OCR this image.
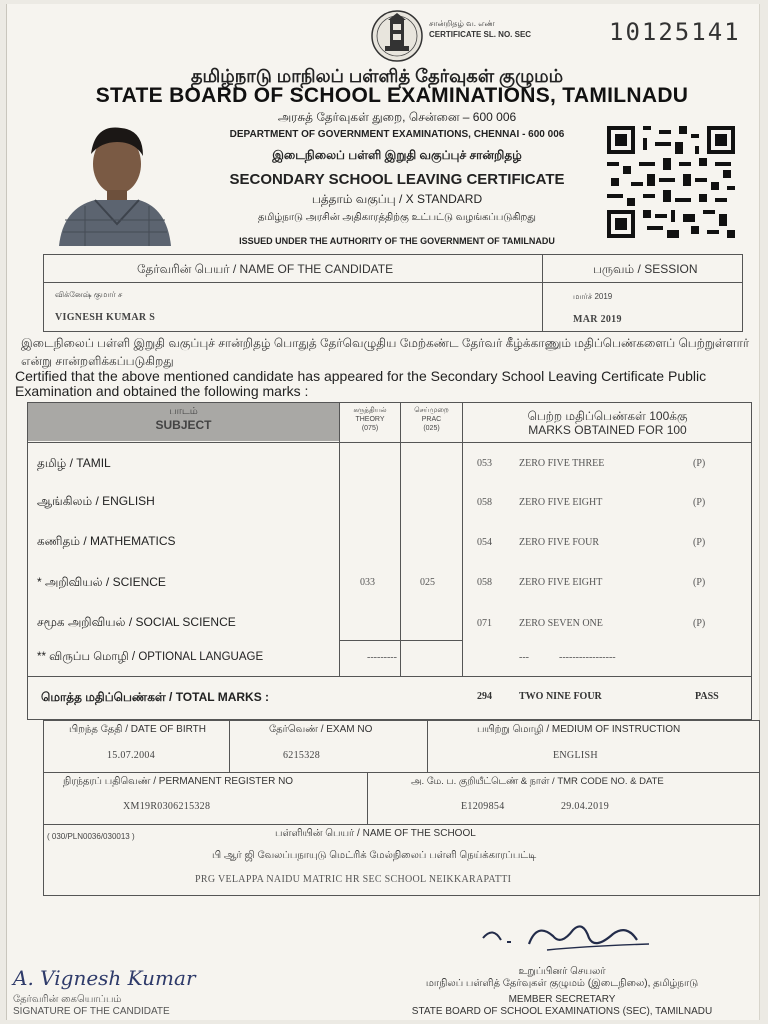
சான்றிதழ் வ. எண்
CERTIFICATE SL. NO. SEC	10125141
தமிழ்நாடு மாநிலப் பள்ளித் தேர்வுகள் குழுமம்
STATE BOARD OF SCHOOL EXAMINATIONS, TAMILNADU
அரசுத் தேர்வுகள் துறை, சென்னை – 600 006
DEPARTMENT OF GOVERNMENT EXAMINATIONS, CHENNAI - 600 006
இடைநிலைப் பள்ளி இறுதி வகுப்புச் சான்றிதழ்
SECONDARY SCHOOL LEAVING CERTIFICATE
பத்தாம் வகுப்பு / X STANDARD
தமிழ்நாடு அரசின் அதிகாரத்திற்கு உட்பட்டு வழங்கப்படுகிறது
ISSUED UNDER THE AUTHORITY OF THE GOVERNMENT OF TAMILNADU
தேர்வரின் பெயர் / NAME OF THE CANDIDATE	பருவம் / SESSION
விக்னேஷ் குமார் ச
VIGNESH KUMAR S
மார்ச் 2019
MAR 2019
இடைநிலைப் பள்ளி இறுதி வகுப்புச் சான்றிதழ் பொதுத் தேர்வெழுதிய மேற்கண்ட தேர்வர் கீழ்க்காணும் மதிப்பெண்களைப் பெற்றுள்ளார் என்று சான்றளிக்கப்படுகிறது
Certified that the above mentioned candidate has appeared for the Secondary School Leaving Certificate Public Examination and obtained the following marks :
பாடம்
SUBJECT
கருத்தியல்
THEORY
(075)
செய்முறை
PRAC
(025)
பெற்ற மதிப்பெண்கள் 100க்கு
MARKS OBTAINED FOR 100
தமிழ் / TAMIL	053	ZERO FIVE THREE	(P)
ஆங்கிலம் / ENGLISH	058	ZERO FIVE EIGHT	(P)
கணிதம் / MATHEMATICS	054	ZERO FIVE FOUR	(P)
* அறிவியல் / SCIENCE	033	025	058	ZERO FIVE EIGHT	(P)
சமூக அறிவியல் / SOCIAL SCIENCE	071	ZERO SEVEN ONE	(P)
** விருப்ப மொழி / OPTIONAL LANGUAGE	---------	---	-----------------
மொத்த மதிப்பெண்கள் / TOTAL MARKS :	294	TWO NINE FOUR	PASS
பிறந்த தேதி / DATE OF BIRTH
15.07.2004
தேர்வெண் / EXAM NO
6215328
பயிற்று மொழி / MEDIUM OF INSTRUCTION
ENGLISH
நிரந்தரப் பதிவெண் / PERMANENT REGISTER NO
XM19R0306215328
அ. மே. ப. குறியீட்டெண் & நாள் / TMR CODE NO. & DATE
E1209854	29.04.2019
( 030/PLN0036/030013 )	பள்ளியின் பெயர் / NAME OF THE SCHOOL
பி ஆர் ஜி வேலப்பநாயுடு மெட்ரிக் மேல்நிலைப் பள்ளி நெய்க்காரப்பட்டி
PRG VELAPPA NAIDU MATRIC HR SEC SCHOOL NEIKKARAPATTI
உறுப்பினர் செயலர்
மாநிலப் பள்ளித் தேர்வுகள் குழுமம் (இடைநிலை), தமிழ்நாடு
MEMBER SECRETARY
STATE BOARD OF SCHOOL EXAMINATIONS (SEC), TAMILNADU
A. Vignesh Kumar
தேர்வரின் கையொப்பம்
SIGNATURE OF THE CANDIDATE
